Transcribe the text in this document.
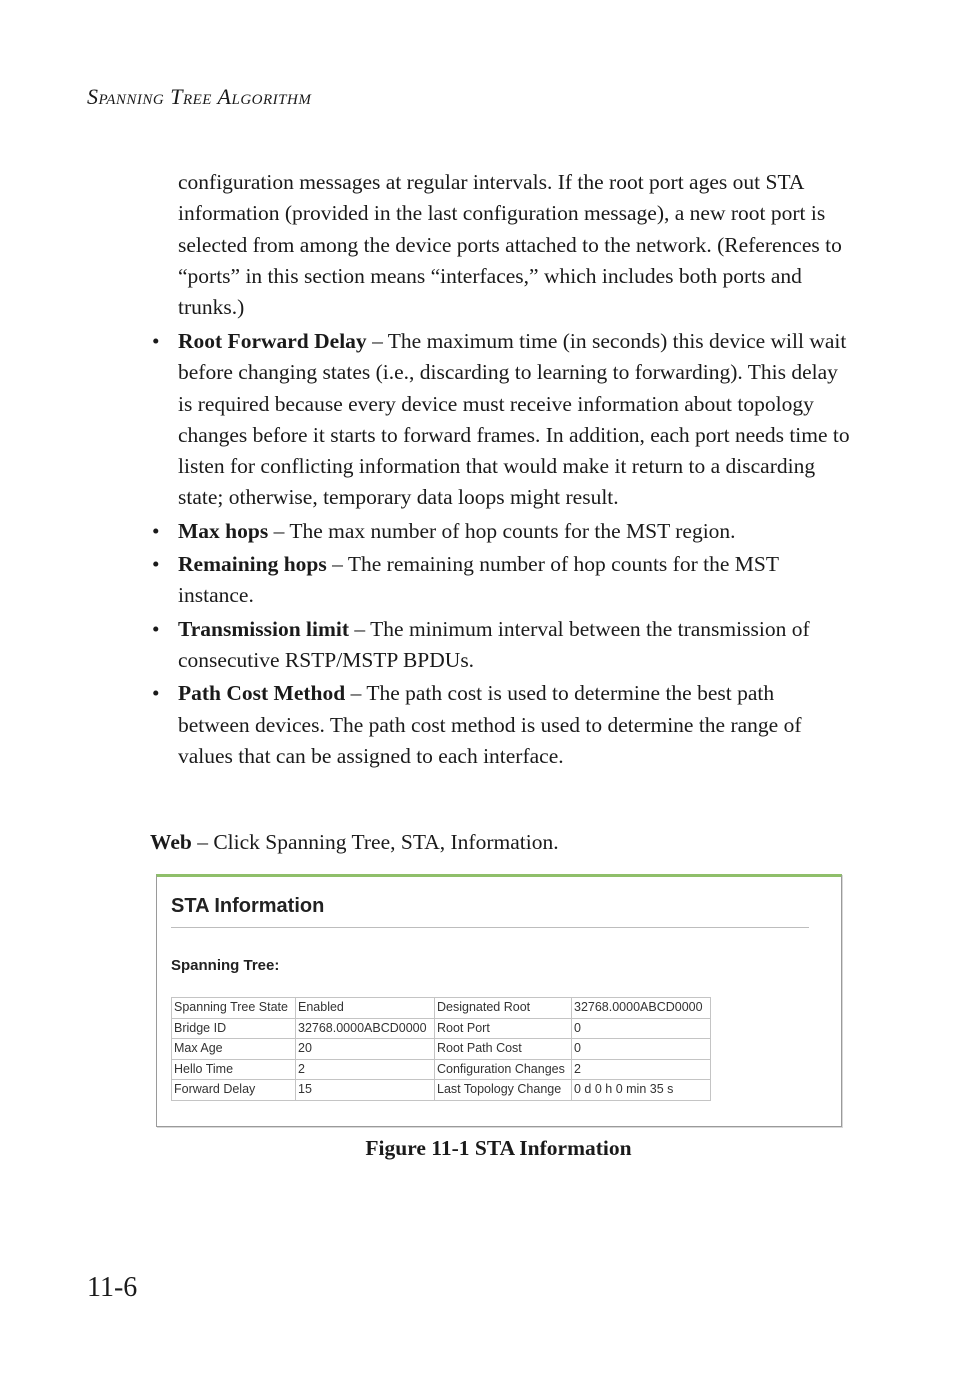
Spanning Tree Algorithm
configuration messages at regular intervals. If the root port ages out STA information (provided in the last configuration message), a new root port is selected from among the device ports attached to the network. (References to “ports” in this section means “interfaces,” which includes both ports and trunks.)
• Root Forward Delay – The maximum time (in seconds) this device will wait before changing states (i.e., discarding to learning to forwarding). This delay is required because every device must receive information about topology changes before it starts to forward frames. In addition, each port needs time to listen for conflicting information that would make it return to a discarding state; otherwise, temporary data loops might result.
• Max hops – The max number of hop counts for the MST region.
• Remaining hops – The remaining number of hop counts for the MST instance.
• Transmission limit – The minimum interval between the transmission of consecutive RSTP/MSTP BPDUs.
• Path Cost Method – The path cost is used to determine the best path between devices. The path cost method is used to determine the range of values that can be assigned to each interface.
Web – Click Spanning Tree, STA, Information.
STA Information
Spanning Tree:
Spanning Tree State	Enabled	Designated Root	32768.0000ABCD0000
Bridge ID	32768.0000ABCD0000	Root Port	0
Max Age	20	Root Path Cost	0
Hello Time	2	Configuration Changes	2
Forward Delay	15	Last Topology Change	0 d 0 h 0 min 35 s
Figure 11-1 STA Information
11-6
